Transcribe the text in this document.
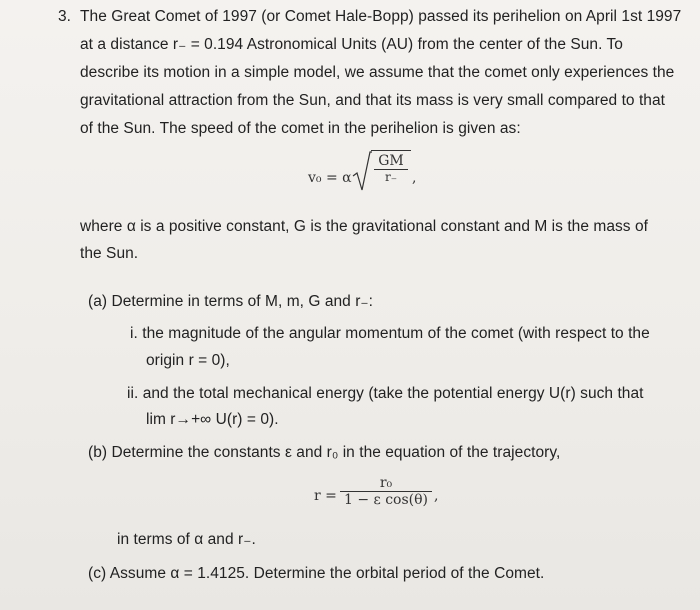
3. The Great Comet of 1997 (or Comet Hale-Bopp) passed its perihelion on April 1st 1997
at a distance r₋ = 0.194 Astronomical Units (AU) from the center of the Sun. To
describe its motion in a simple model, we assume that the comet only experiences the
gravitational attraction from the Sun, and that its mass is very small compared to that
of the Sun. The speed of the comet in the perihelion is given as:
v₀ = α
GM
r₋	,
where α is a positive constant, G is the gravitational constant and M is the mass of
the Sun.
(a) Determine in terms of M, m, G and r₋:
i. the magnitude of the angular momentum of the comet (with respect to the
origin r = 0),
ii. and the total mechanical energy (take the potential energy U(r) such that
lim r→+∞ U(r) = 0).
(b) Determine the constants ε and r₀ in the equation of the trajectory,
r =
r₀
1 − ε cos(θ) ,
in terms of α and r₋.
(c) Assume α = 1.4125. Determine the orbital period of the Comet.
